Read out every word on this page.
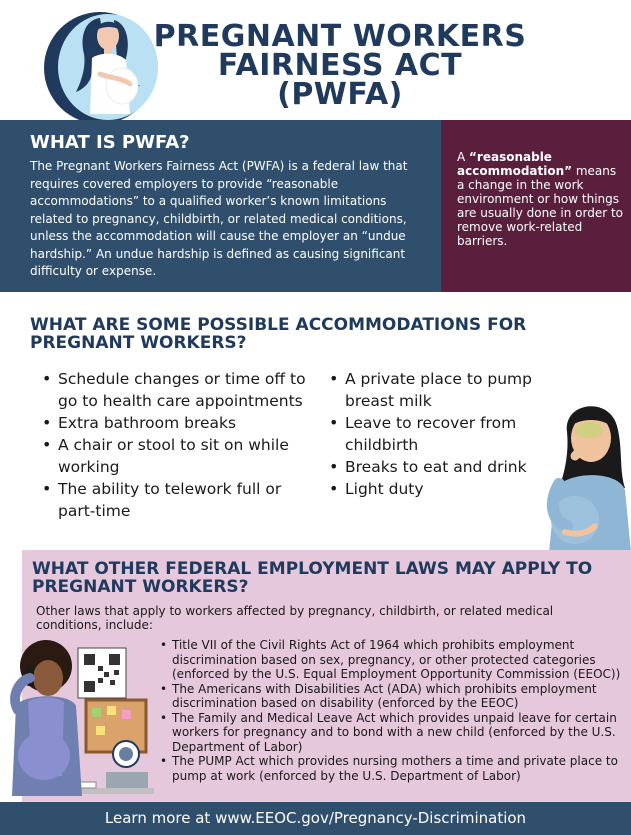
PREGNANT WORKERS
FAIRNESS ACT
(PWFA)
WHAT IS PWFA?
The Pregnant Workers Fairness Act (PWFA) is a federal law that requires covered employers to provide “reasonable accommodations” to a qualified worker’s known limitations related to pregnancy, childbirth, or related medical conditions, unless the accommodation will cause the employer an “undue hardship.” An undue hardship is defined as causing significant difficulty or expense.
A “reasonable accommodation” means a change in the work environment or how things are usually done in order to remove work-related barriers.
WHAT ARE SOME POSSIBLE ACCOMMODATIONS FOR PREGNANT WORKERS?
• Schedule changes or time off to go to health care appointments
• Extra bathroom breaks
• A chair or stool to sit on while working
• The ability to telework full or part-time
• A private place to pump breast milk
• Leave to recover from childbirth
• Breaks to eat and drink
• Light duty
WHAT OTHER FEDERAL EMPLOYMENT LAWS MAY APPLY TO PREGNANT WORKERS?
Other laws that apply to workers affected by pregnancy, childbirth, or related medical conditions, include:
• Title VII of the Civil Rights Act of 1964 which prohibits employment discrimination based on sex, pregnancy, or other protected categories (enforced by the U.S. Equal Employment Opportunity Commission (EEOC))
• The Americans with Disabilities Act (ADA) which prohibits employment discrimination based on disability (enforced by the EEOC)
• The Family and Medical Leave Act which provides unpaid leave for certain workers for pregnancy and to bond with a new child (enforced by the U.S. Department of Labor)
• The PUMP Act which provides nursing mothers a time and private place to pump at work (enforced by the U.S. Department of Labor)
Learn more at www.EEOC.gov/Pregnancy-Discrimination
